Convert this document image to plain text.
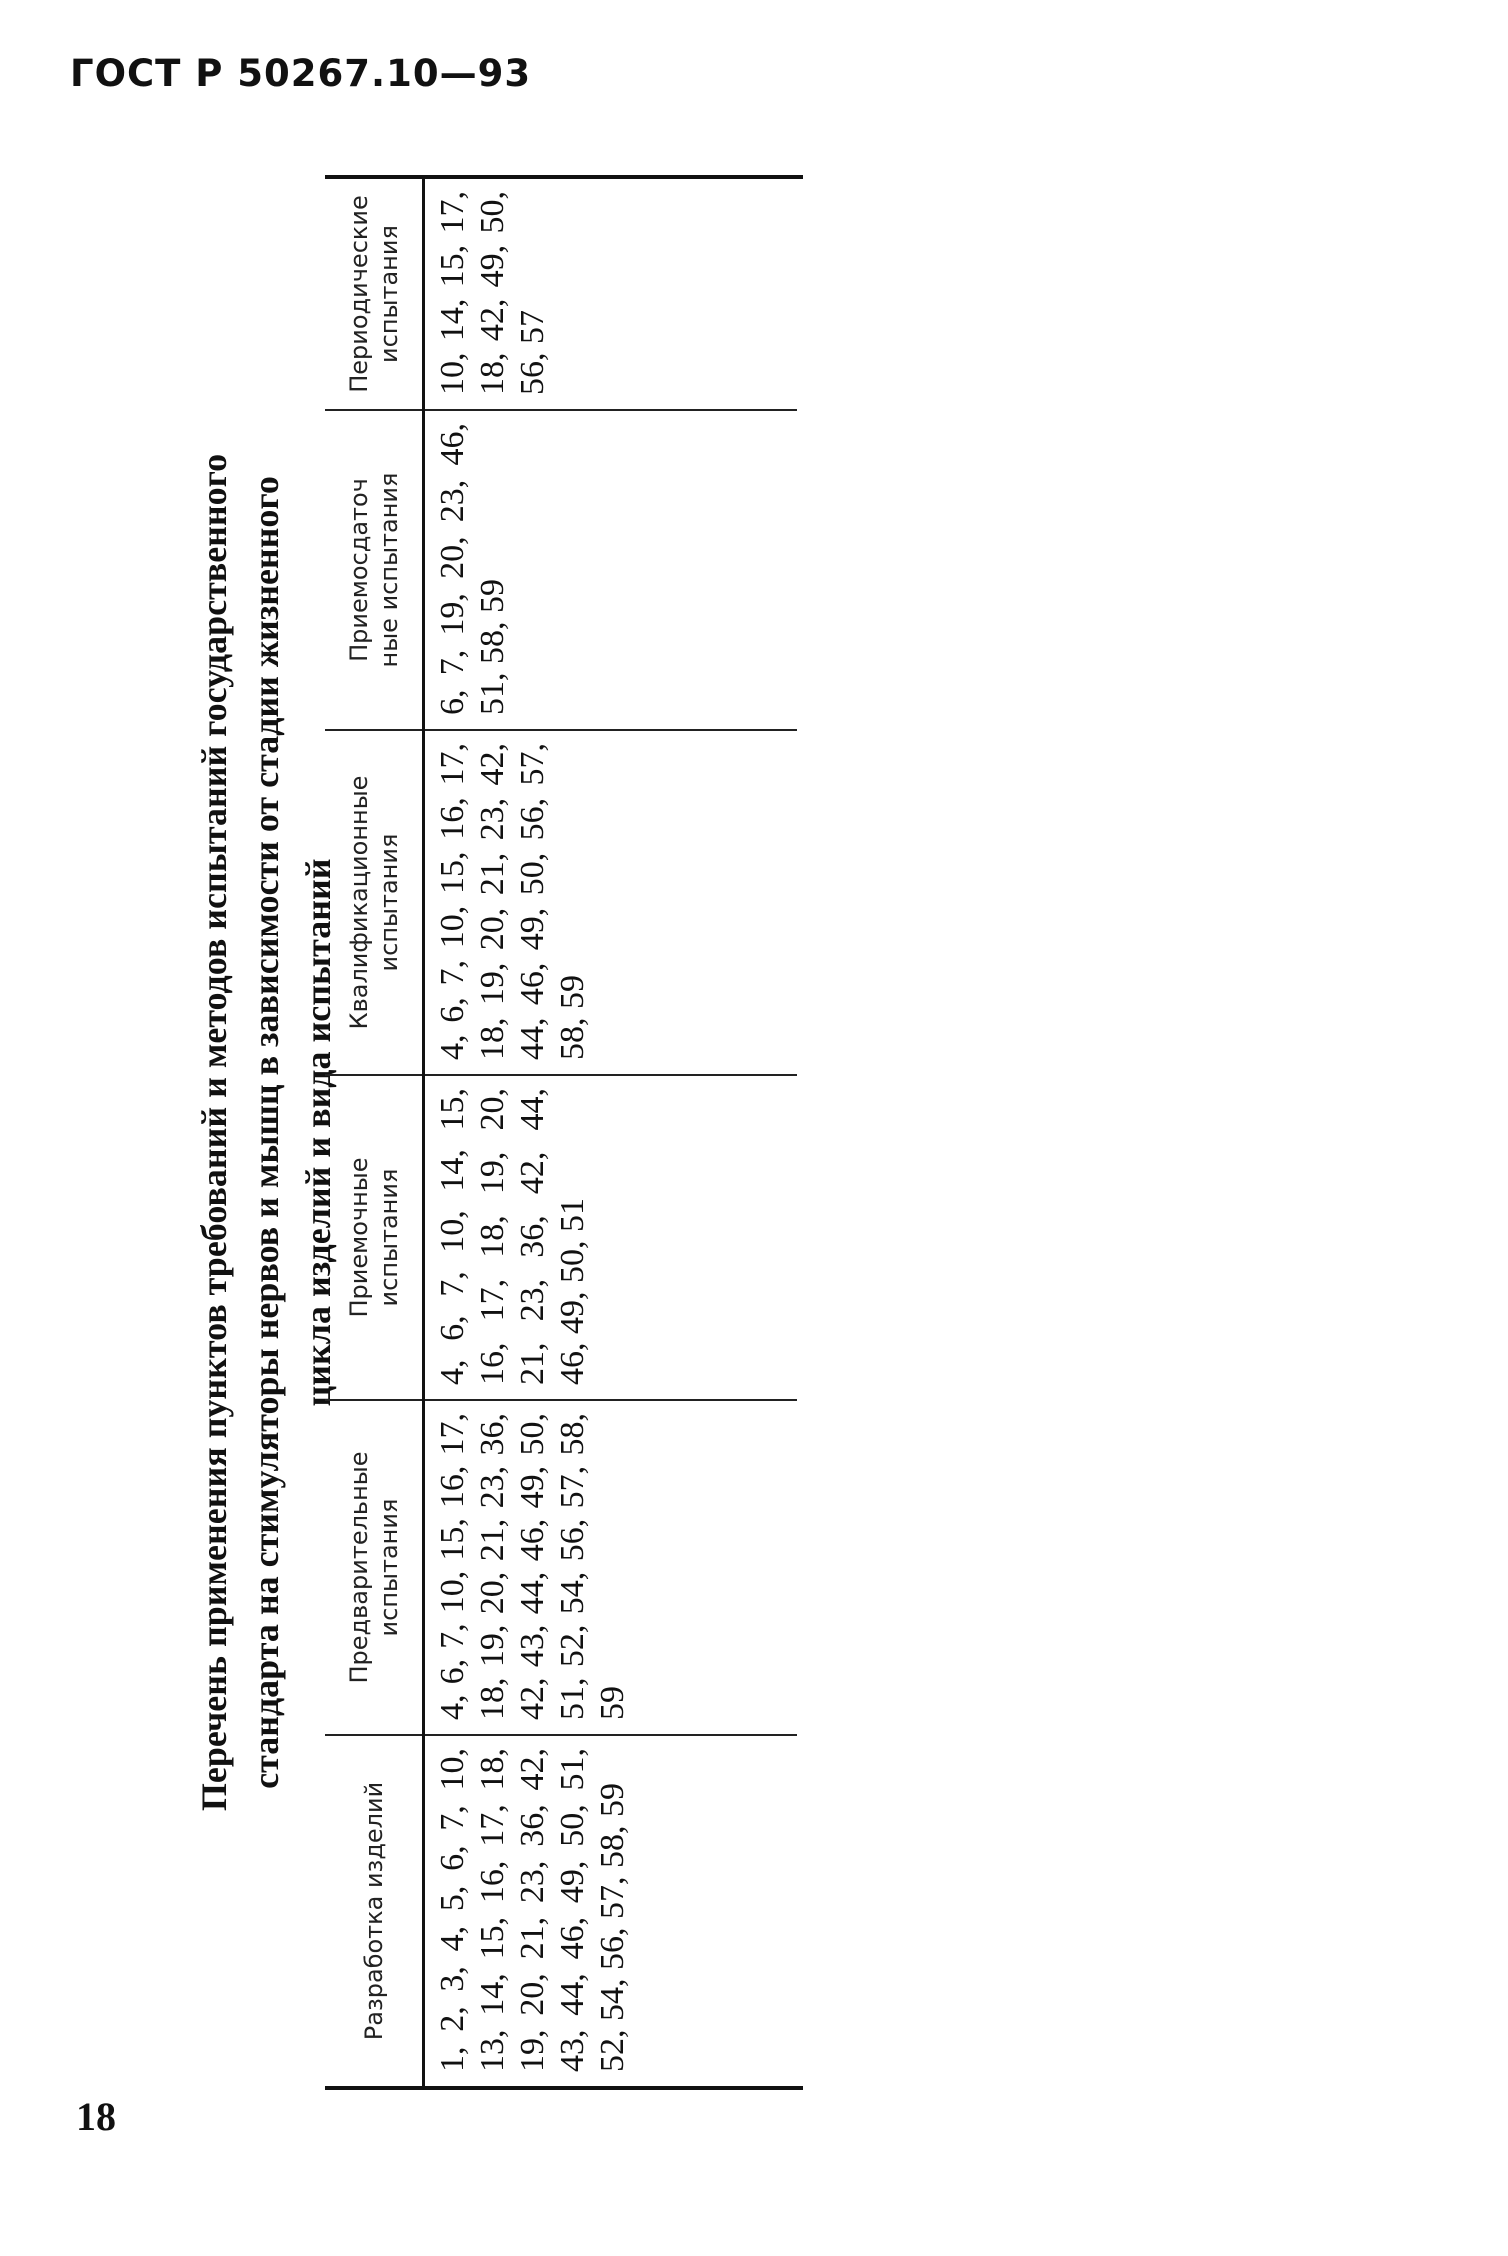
ГОСТ Р 50267.10—93
Перечень применения пунктов требований и методов испытаний государственного стандарта на стимуляторы нервов и мышц в зависимости от стадии жизненного цикла изделий и вида испытаний
Разработка изделий
Предварительные
испытания
Приемочные
испытания
Квалификационные
испытания
Приемосдаточ
ные испытания
Периодические
испытания
1, 2, 3, 4, 5, 6, 7, 10, 13, 14, 15, 16, 17, 18, 19, 20, 21, 23, 36, 42, 43, 44, 46, 49, 50, 51, 52, 54, 56, 57, 58, 59
4, 6, 7, 10, 15, 16, 17, 18, 19, 20, 21, 23, 36, 42, 43, 44, 46, 49, 50, 51, 52, 54, 56, 57, 58, 59
4, 6, 7, 10, 14, 15, 16, 17, 18, 19, 20, 21, 23, 36, 42, 44, 46, 49, 50, 51
4, 6, 7, 10, 15, 16, 17, 18, 19, 20, 21, 23, 42, 44, 46, 49, 50, 56, 57, 58, 59
6, 7, 19, 20, 23, 46, 51, 58, 59
10, 14, 15, 17, 18, 42, 49, 50, 56, 57
18
